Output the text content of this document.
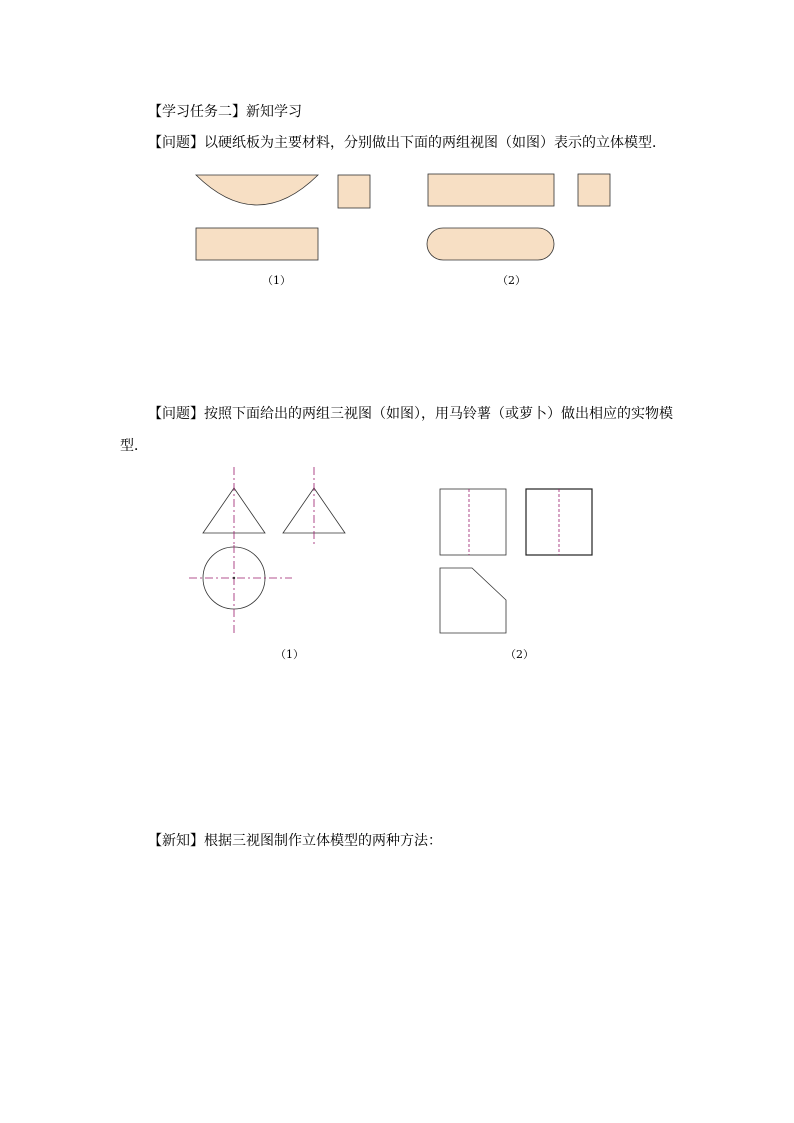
【学习任务二】新知学习
【问题】以硬纸板为主要材料，分别做出下面的两组视图（如图）表示的立体模型．
（1）	（2）
【问题】按照下面给出的两组三视图（如图），用马铃薯（或萝卜）做出相应的实物模
型．
（1）	（2）
【新知】根据三视图制作立体模型的两种方法：
